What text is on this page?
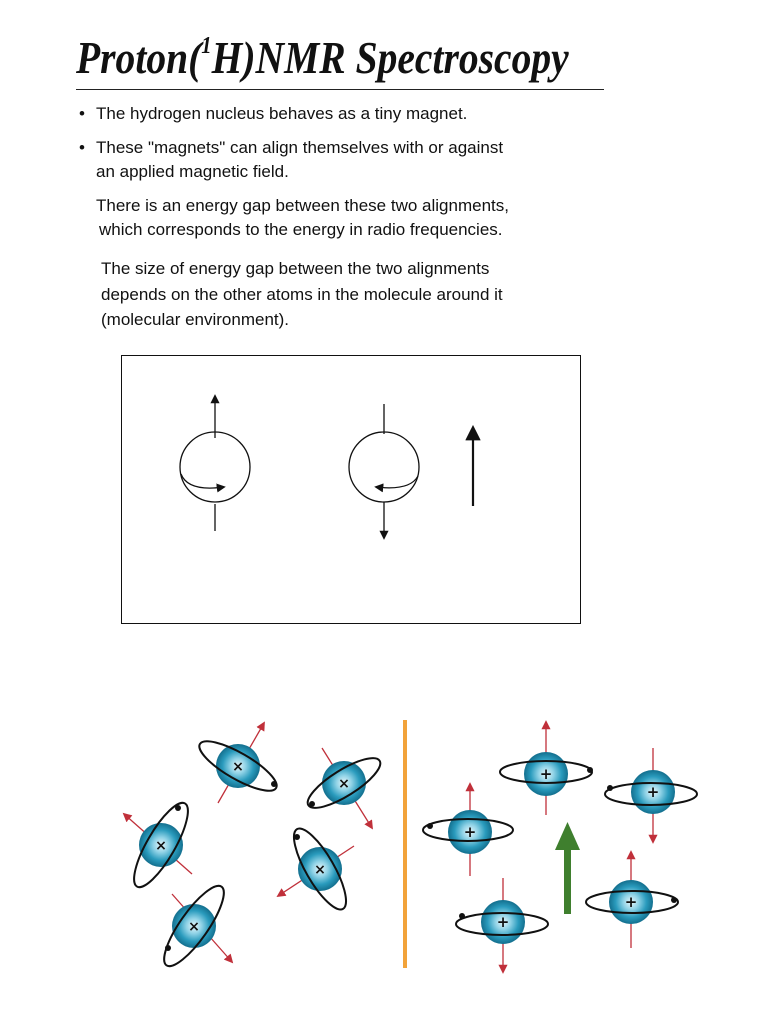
Proton($^1$H)NMR Spectroscopy
• The hydrogen nucleus behaves as a tiny magnet.

• These "magnets" can align themselves with or against

an applied magnetic field.

There is an energy gap between these two alignments,

which corresponds to the energy in radio frequencies.

The size of energy gap between the two alignments

depends on the other atoms in the molecule around it

(molecular environment).

×
×
×
×
×
+
+
+
+
+
